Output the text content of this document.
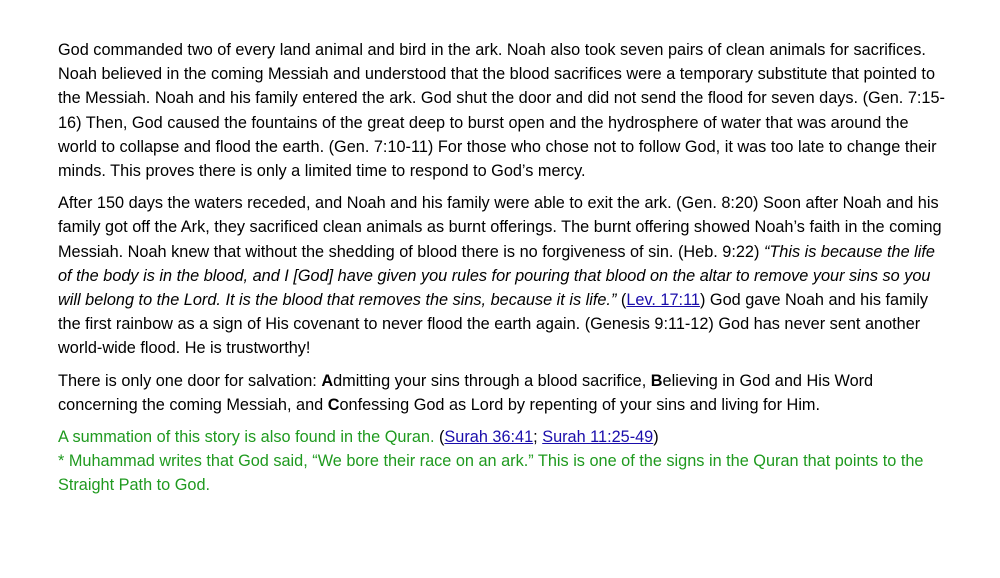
God commanded two of every land animal and bird in the ark. Noah also took seven pairs of clean animals for sacrifices. Noah believed in the coming Messiah and understood that the blood sacrifices were a temporary substitute that pointed to the Messiah. Noah and his family entered the ark. God shut the door and did not send the flood for seven days. (Gen. 7:15-16) Then, God caused the fountains of the great deep to burst open and the hydrosphere of water that was around the world to collapse and flood the earth. (Gen. 7:10-11) For those who chose not to follow God, it was too late to change their minds. This proves there is only a limited time to respond to God’s mercy.

After 150 days the waters receded, and Noah and his family were able to exit the ark. (Gen. 8:20) Soon after Noah and his family got off the Ark, they sacrificed clean animals as burnt offerings. The burnt offering showed Noah’s faith in the coming Messiah. Noah knew that without the shedding of blood there is no forgiveness of sin. (Heb. 9:22) “This is because the life of the body is in the blood, and I [God] have given you rules for pouring that blood on the altar to remove your sins so you will belong to the Lord. It is the blood that removes the sins, because it is life.” (Lev. 17:11) God gave Noah and his family the first rainbow as a sign of His covenant to never flood the earth again. (Genesis 9:11-12) God has never sent another world-wide flood. He is trustworthy!

There is only one door for salvation: Admitting your sins through a blood sacrifice, Believing in God and His Word concerning the coming Messiah, and Confessing God as Lord by repenting of your sins and living for Him.

A summation of this story is also found in the Quran. (Surah 36:41; Surah 11:25-49)

* Muhammad writes that God said, “We bore their race on an ark.” This is one of the signs in the Quran that points to the Straight Path to God.
